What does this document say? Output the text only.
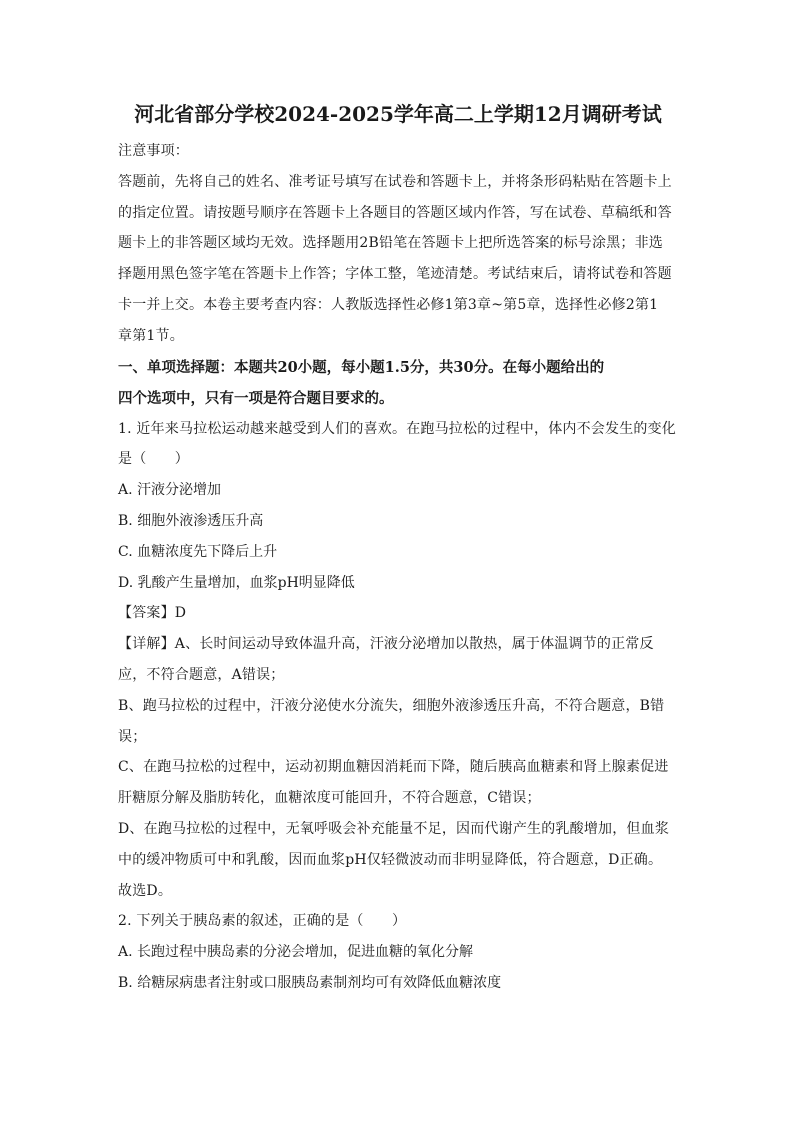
河北省部分学校2024-2025学年高二上学期12月调研考试

注意事项：

答题前，先将自己的姓名、准考证号填写在试卷和答题卡上，并将条形码粘贴在答题卡上

的指定位置。请按题号顺序在答题卡上各题目的答题区域内作答，写在试卷、草稿纸和答

题卡上的非答题区域均无效。选择题用2B铅笔在答题卡上把所选答案的标号涂黑；非选

择题用黑色签字笔在答题卡上作答；字体工整，笔迹清楚。考试结束后，请将试卷和答题

卡一并上交。本卷主要考查内容：人教版选择性必修1第3章~第5章，选择性必修2第1

章第1节。

一、单项选择题：本题共20小题，每小题1.5分，共30分。在每小题给出的

四个选项中，只有一项是符合题目要求的。

1. 近年来马拉松运动越来越受到人们的喜欢。在跑马拉松的过程中，体内不会发生的变化

是（　　）

A. 汗液分泌增加

B. 细胞外液渗透压升高

C. 血糖浓度先下降后上升

D. 乳酸产生量增加，血浆pH明显降低

【答案】D

【详解】A、长时间运动导致体温升高，汗液分泌增加以散热，属于体温调节的正常反

应，不符合题意，A错误；

B、跑马拉松的过程中，汗液分泌使水分流失，细胞外液渗透压升高，不符合题意，B错

误；

C、在跑马拉松的过程中，运动初期血糖因消耗而下降，随后胰高血糖素和肾上腺素促进

肝糖原分解及脂肪转化，血糖浓度可能回升，不符合题意，C错误；

D、在跑马拉松的过程中，无氧呼吸会补充能量不足，因而代谢产生的乳酸增加，但血浆

中的缓冲物质可中和乳酸，因而血浆pH仅轻微波动而非明显降低，符合题意，D正确。

故选D。

2. 下列关于胰岛素的叙述，正确的是（　　）

A. 长跑过程中胰岛素的分泌会增加，促进血糖的氧化分解

B. 给糖尿病患者注射或口服胰岛素制剂均可有效降低血糖浓度
